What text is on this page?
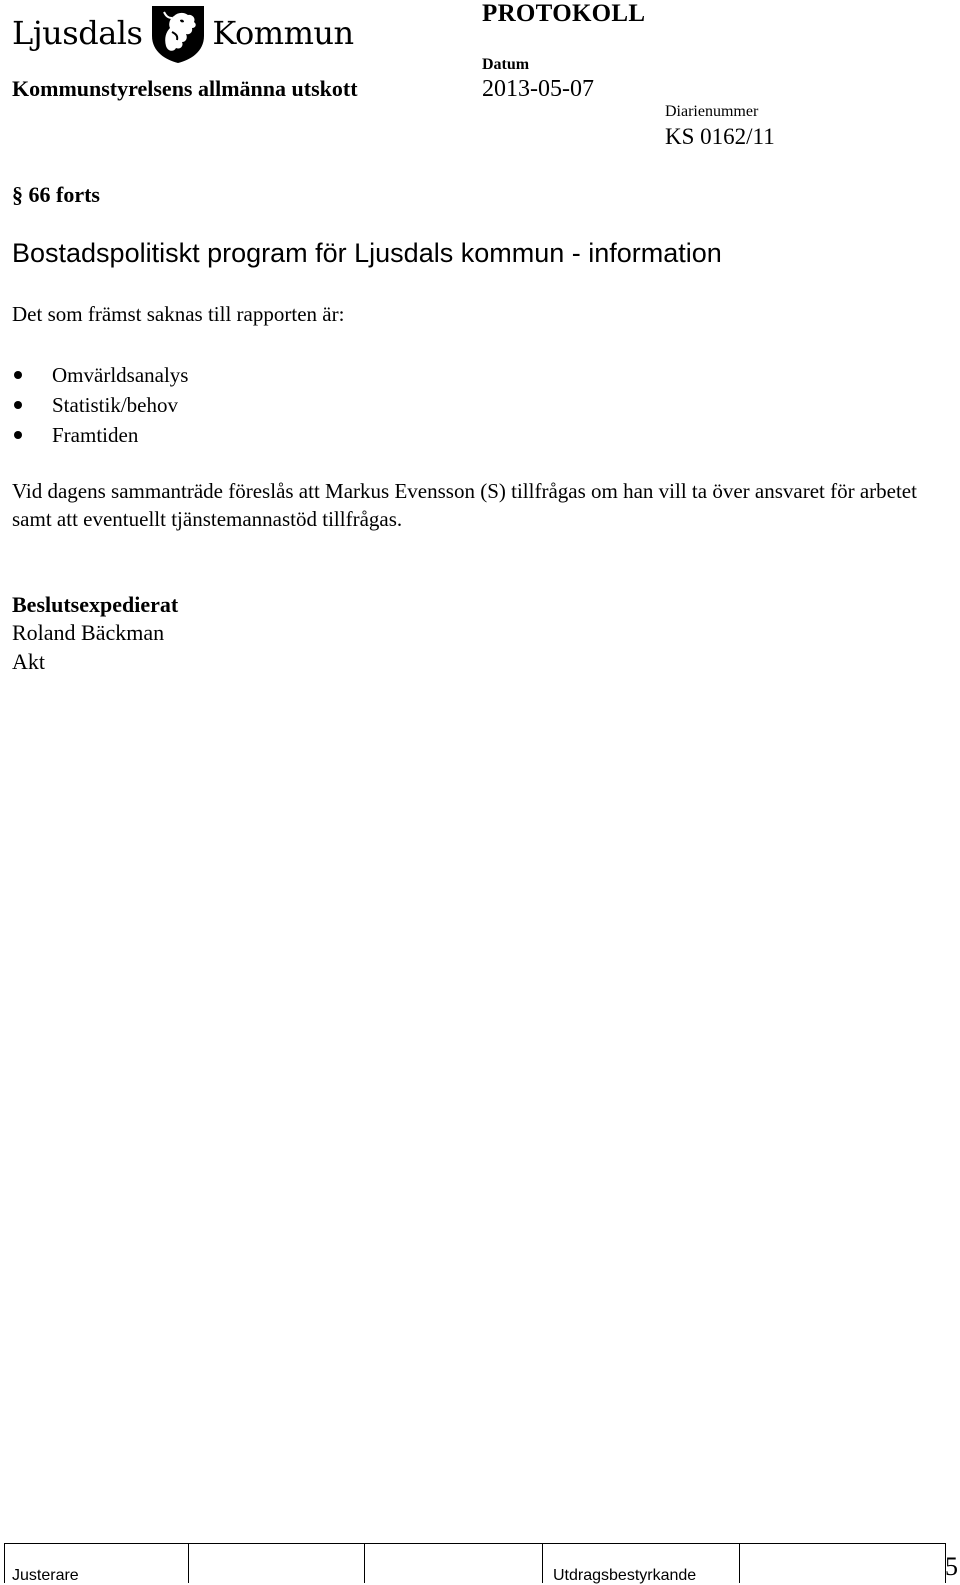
Ljusdals Kommun
PROTOKOLL
Kommunstyrelsens allmänna utskott
Datum
2013-05-07
Diarienummer
KS 0162/11
§ 66 forts
Bostadspolitiskt program för Ljusdals kommun - information
Det som främst saknas till rapporten är:
Omvärldsanalys
Statistik/behov
Framtiden
Vid dagens sammanträde föreslås att Markus Evensson (S) tillfrågas om han vill ta över ansvaret för arbetet samt att eventuellt tjänstemannastöd tillfrågas.
Beslutsexpedierat
Roland Bäckman
Akt
Justerare	Utdragsbestyrkande	5
